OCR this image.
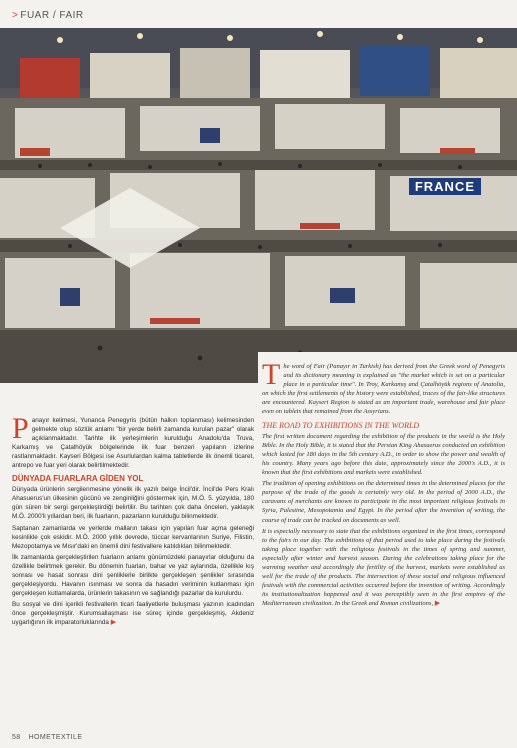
> FUAR / FAIR
FRANCE

Panayır kelimesi, Yunanca Penegyris (bütün halkın toplanması) kelimesinden gelmekte olup sözlük anlamı "bir yerde belirli zamanda kurulan pazar" olarak açıklanmaktadır. Tarihte ilk yerleşimlerin kurulduğu Anadolu'da Truva, Karkamış ve Çatalhöyük bölgelerinde ilk fuar benzeri yapıların izlerine rastlanmaktadır. Kayseri Bölgesi ise Asurlulardan kalma tabletlerde ilk önemli ticaret, antrepo ve fuar yeri olarak belirtilmektedir.

DÜNYADA FUARLARA GİDEN YOL

Dünyada ürünlerin sergilenmesine yönelik ilk yazılı belge İncil'dir. İncil'de Pers Kralı Ahasuerus'un ülkesinin gücünü ve zenginliğini göstermek için, M.Ö. 5. yüzyılda, 180 gün süren bir sergi gerçekleştirdiği belirtilir. Bu tarihten çok daha önceleri, yaklaşık M.Ö. 2000'li yıllardan beri, ilk fuarların, pazarların kurulduğu bilinmektedir.

Saptanan zamanlarda ve yerlerde malların takası için yapılan fuar açma geleneği kesinlikle çok eskidir. M.Ö. 2000 yıllık devrede, tüccar kervanlarının Suriye, Filistin, Mezopotamya ve Mısır'daki en önemli dini festivallere katıldıkları bilinmektedir.

İlk zamanlarda gerçekleştirilen fuarların anlamı günümüzdeki panayırlar olduğunu da özellikle belirtmek gerekir. Bu dönemin fuarları, bahar ve yaz aylarında, özellikle kış sonrası ve hasat sonrası dini şenliklerle birlikte gerçekleşen şenlikler sırasında gerçekleşiyordu. Havanın ısınması ve sonra da hasadın veriminin kutlanması için gerçekleşen kutlamalarda, ürünlerin takasının ve sağlandığı pazarlar da kurulurdu.

Bu sosyal ve dini içerikli festivallerin ticari faaliyetlerle buluşması yazının icadından önce gerçekleşmiştir. Kurumsallaşması ise süreç içinde gerçekleşmiş, Akdeniz uygarlığının ilk imparatorluklarında ▶

The word of Fair (Panayır in Turkish) has derived from the Greek word of Penegyris and its dictionary meaning is explained as "the market which is set on a particular place in a particular time". In Troy, Karkamış and Çatalhöyük regions of Anatolia, on which the first settlements of the history were established, traces of the fair-like structures are encountered. Kayseri Region is stated as an important trade, warehouse and fair place even on tablets that remained from the Assyrians.

THE ROAD TO EXHIBITIONS IN THE WORLD

The first written document regarding the exhibition of the products in the world is the Holy Bible. In the Holy Bible, it is stated that the Persian King Ahasuerus conducted an exhibition which lasted for 180 days in the 5th century A.D., in order to show the power and wealth of his country. Many years ago before this date, approximately since the 2000's A.D., it is known that the first exhibitions and markets were established.

The tradition of opening exhibitions on the determined times in the determined places for the purpose of the trade of the goods is certainly very old. In the period of 2000 A.D., the caravans of merchants are known to participate in the most important religious festivals in Syria, Palestine, Mesopotamia and Egypt. In the period after the invention of writing, the course of trade can be tracked on documents as well.

It is especially necessary to state that the exhibitions organized in the first times, correspond to the fairs in our day. The exhibitions of that period used to take place during the festivals taking place together with the religious festivals in the times of spring and summer, especially after winter and harvest season. During the celebrations taking place for the warming weather and accordingly the fertility of the harvest, markets were established as well for the trade of the products. The intersection of these social and religious influenced festivals with the commercial activities occurred before the invention of writing. Accordingly its institutionalization happened and it was perceptibly seen in the first empires of the Mediterranean civilization. In the Greek and Roman civilizations, ▶

58 HOMETEXTILE
